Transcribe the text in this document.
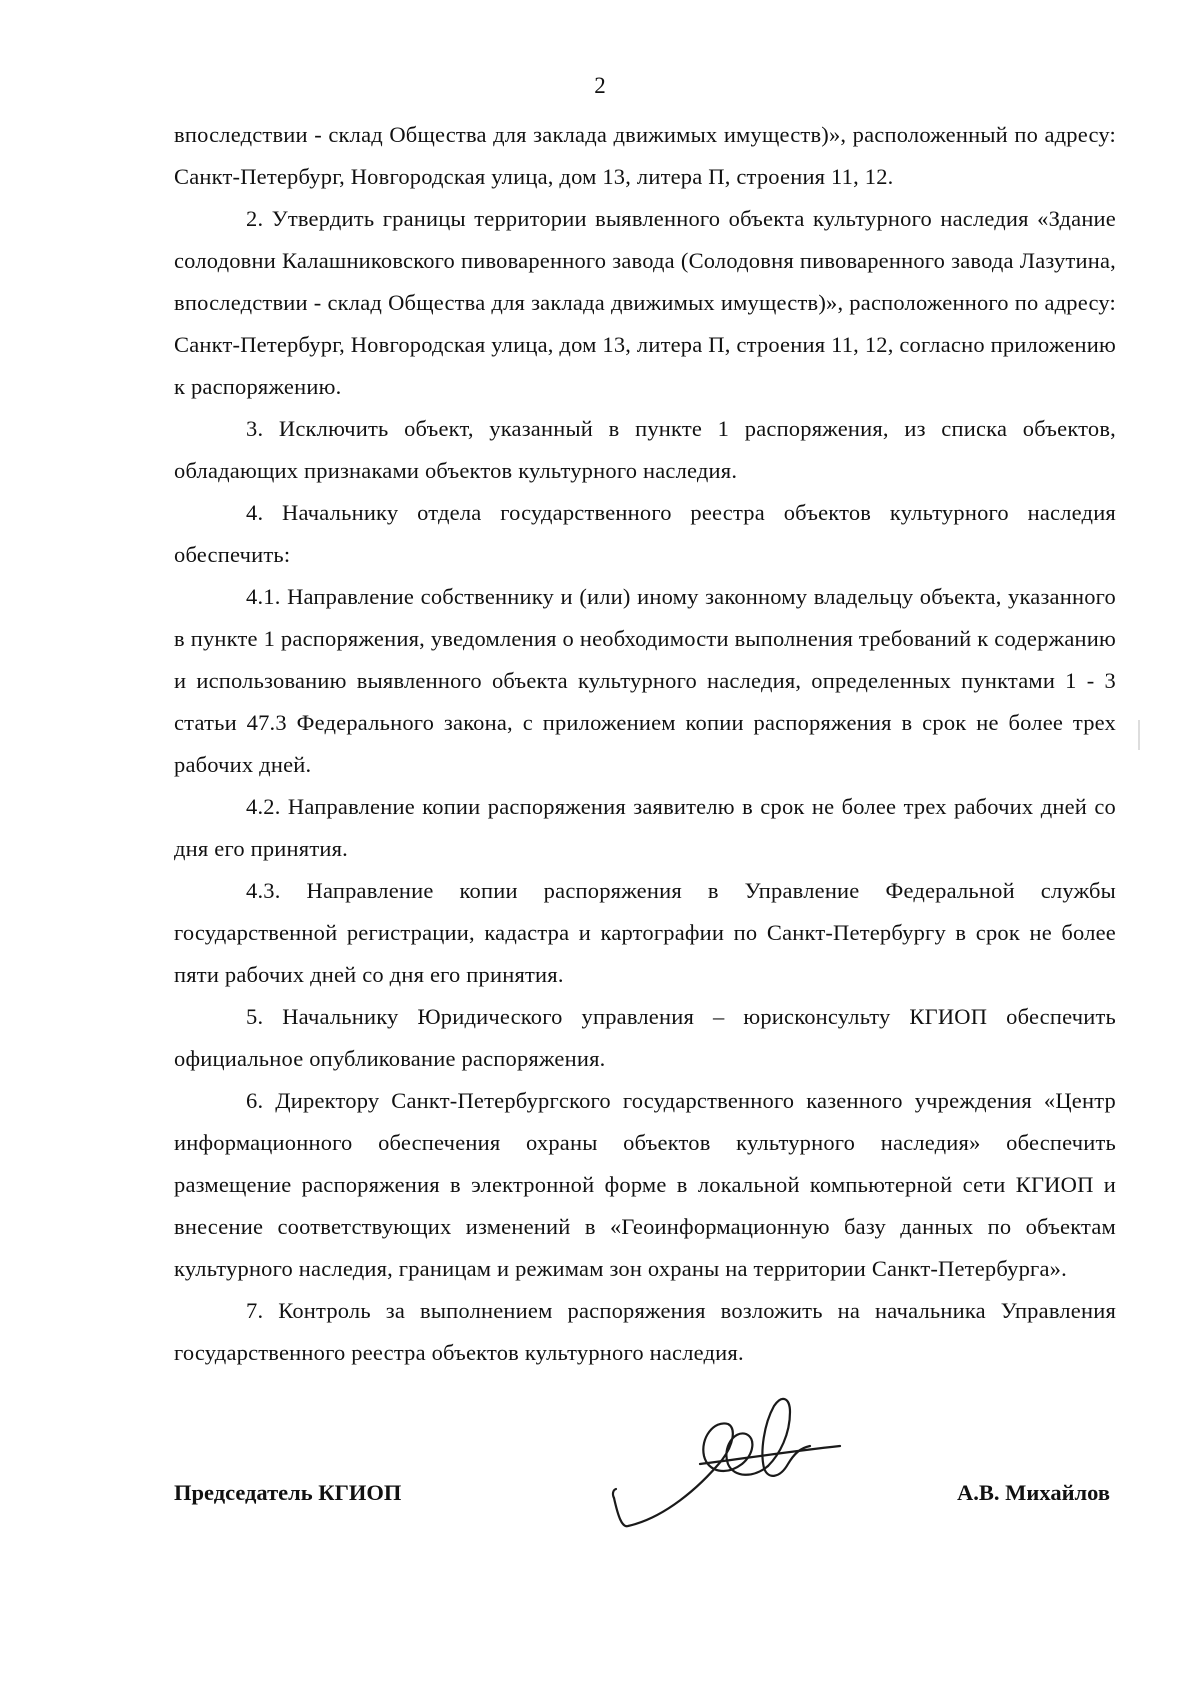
2

впоследствии - склад Общества для заклада движимых имуществ)», расположенный по адресу: Санкт-Петербург, Новгородская улица, дом 13, литера П, строения 11, 12.

2. Утвердить границы территории выявленного объекта культурного наследия «Здание солодовни Калашниковского пивоваренного завода (Солодовня пивоваренного завода Лазутина, впоследствии - склад Общества для заклада движимых имуществ)», расположенного по адресу: Санкт-Петербург, Новгородская улица, дом 13, литера П, строения 11, 12, согласно приложению к распоряжению.

3. Исключить объект, указанный в пункте 1 распоряжения, из списка объектов, обладающих признаками объектов культурного наследия.

4. Начальнику отдела государственного реестра объектов культурного наследия обеспечить:

4.1. Направление собственнику и (или) иному законному владельцу объекта, указанного в пункте 1 распоряжения, уведомления о необходимости выполнения требований к содержанию и использованию выявленного объекта культурного наследия, определенных пунктами 1 - 3 статьи 47.3 Федерального закона, с приложением копии распоряжения в срок не более трех рабочих дней.

4.2. Направление копии распоряжения заявителю в срок не более трех рабочих дней со дня его принятия.

4.3. Направление копии распоряжения в Управление Федеральной службы государственной регистрации, кадастра и картографии по Санкт-Петербургу в срок не более пяти рабочих дней со дня его принятия.

5. Начальнику Юридического управления – юрисконсульту КГИОП обеспечить официальное опубликование распоряжения.

6. Директору Санкт-Петербургского государственного казенного учреждения «Центр информационного обеспечения охраны объектов культурного наследия» обеспечить размещение распоряжения в электронной форме в локальной компьютерной сети КГИОП и внесение соответствующих изменений в «Геоинформационную базу данных по объектам культурного наследия, границам и режимам зон охраны на территории Санкт-Петербурга».

7. Контроль за выполнением распоряжения возложить на начальника Управления государственного реестра объектов культурного наследия.

Председатель КГИОП	А.В. Михайлов
